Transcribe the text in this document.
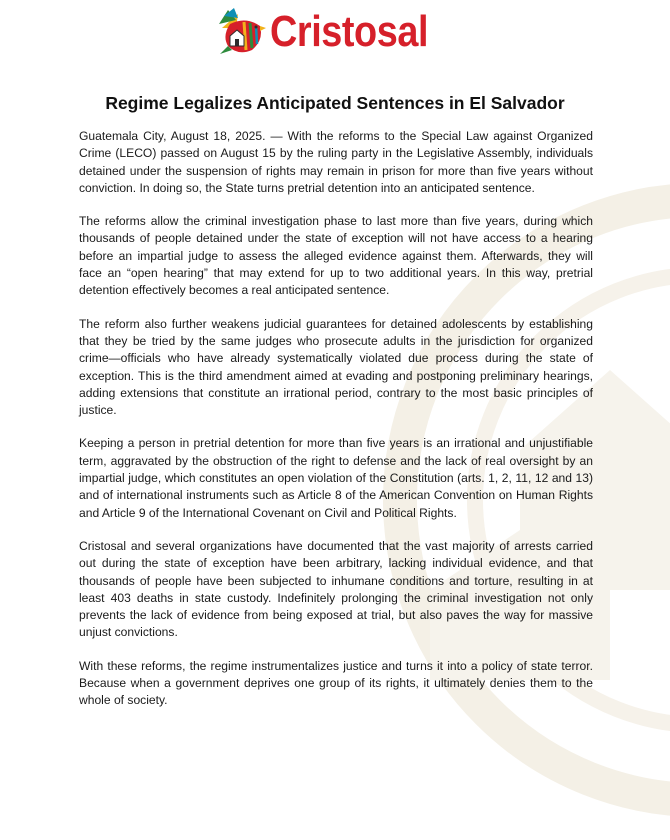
Cristosal
Regime Legalizes Anticipated Sentences in El Salvador

Guatemala City, August 18, 2025. — With the reforms to the Special Law against Organized Crime (LECO) passed on August 15 by the ruling party in the Legislative Assembly, individuals detained under the suspension of rights may remain in prison for more than five years without conviction. In doing so, the State turns pretrial detention into an anticipated sentence.

The reforms allow the criminal investigation phase to last more than five years, during which thousands of people detained under the state of exception will not have access to a hearing before an impartial judge to assess the alleged evidence against them. Afterwards, they will face an “open hearing” that may extend for up to two additional years. In this way, pretrial detention effectively becomes a real anticipated sentence.

The reform also further weakens judicial guarantees for detained adolescents by establishing that they be tried by the same judges who prosecute adults in the jurisdiction for organized crime—officials who have already systematically violated due process during the state of exception. This is the third amendment aimed at evading and postponing preliminary hearings, adding extensions that constitute an irrational period, contrary to the most basic principles of justice.

Keeping a person in pretrial detention for more than five years is an irrational and unjustifiable term, aggravated by the obstruction of the right to defense and the lack of real oversight by an impartial judge, which constitutes an open violation of the Constitution (arts. 1, 2, 11, 12 and 13) and of international instruments such as Article 8 of the American Convention on Human Rights and Article 9 of the International Covenant on Civil and Political Rights.

Cristosal and several organizations have documented that the vast majority of arrests carried out during the state of exception have been arbitrary, lacking individual evidence, and that thousands of people have been subjected to inhumane conditions and torture, resulting in at least 403 deaths in state custody. Indefinitely prolonging the criminal investigation not only prevents the lack of evidence from being exposed at trial, but also paves the way for massive unjust convictions.

With these reforms, the regime instrumentalizes justice and turns it into a policy of state terror. Because when a government deprives one group of its rights, it ultimately denies them to the whole of society.
